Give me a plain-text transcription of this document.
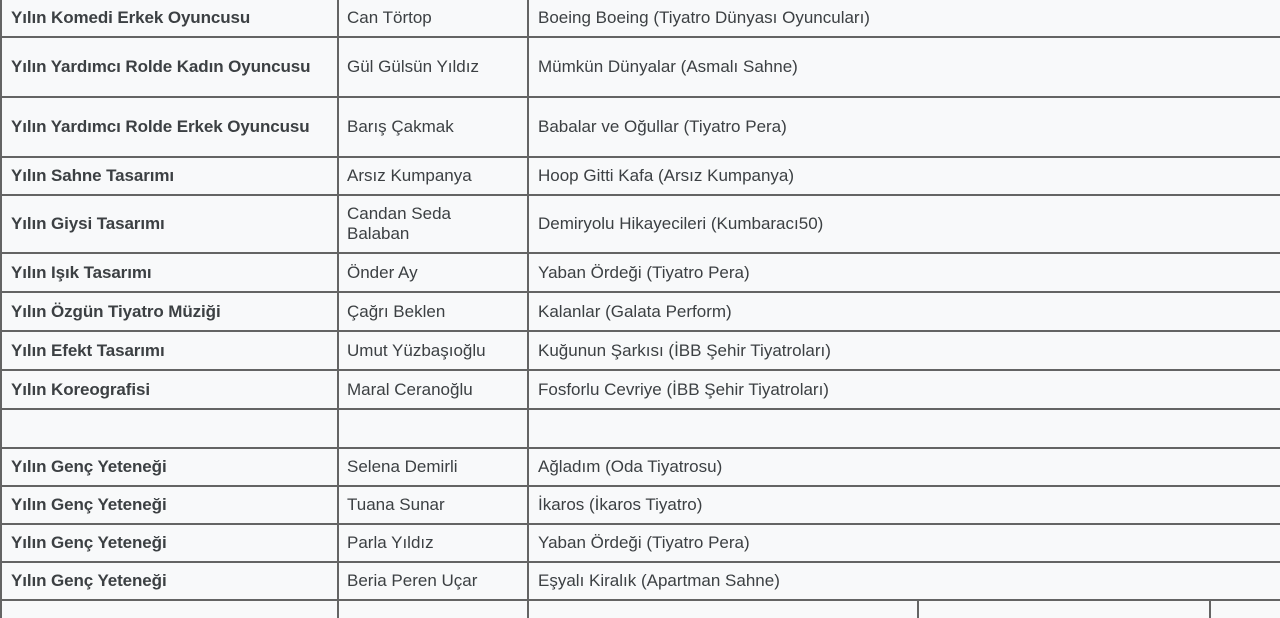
Yılın Komedi Erkek Oyuncusu	Can Törtop	Boeing Boeing (Tiyatro Dünyası Oyuncuları)		
Yılın Yardımcı Rolde Kadın Oyuncusu	Gül Gülsün Yıldız	Mümkün Dünyalar (Asmalı Sahne)		
Yılın Yardımcı Rolde Erkek Oyuncusu	Barış Çakmak	Babalar ve Oğullar (Tiyatro Pera)		
Yılın Sahne Tasarımı	Arsız Kumpanya	Hoop Gitti Kafa (Arsız Kumpanya)		
Yılın Giysi Tasarımı	Candan Seda Balaban	Demiryolu Hikayecileri (Kumbaracı50)		
Yılın Işık Tasarımı	Önder Ay	Yaban Ördeği (Tiyatro Pera)		
Yılın Özgün Tiyatro Müziği	Çağrı Beklen	Kalanlar (Galata Perform)		
Yılın Efekt Tasarımı	Umut Yüzbaşıoğlu	Kuğunun Şarkısı (İBB Şehir Tiyatroları)		
Yılın Koreografisi	Maral Ceranoğlu	Fosforlu Cevriye (İBB Şehir Tiyatroları)		

Yılın Genç Yeteneği	Selena Demirli	Ağladım (Oda Tiyatrosu)		
Yılın Genç Yeteneği	Tuana Sunar	İkaros (İkaros Tiyatro)		
Yılın Genç Yeteneği	Parla Yıldız	Yaban Ördeği (Tiyatro Pera)		
Yılın Genç Yeteneği	Beria Peren Uçar	Eşyalı Kiralık (Apartman Sahne)		
